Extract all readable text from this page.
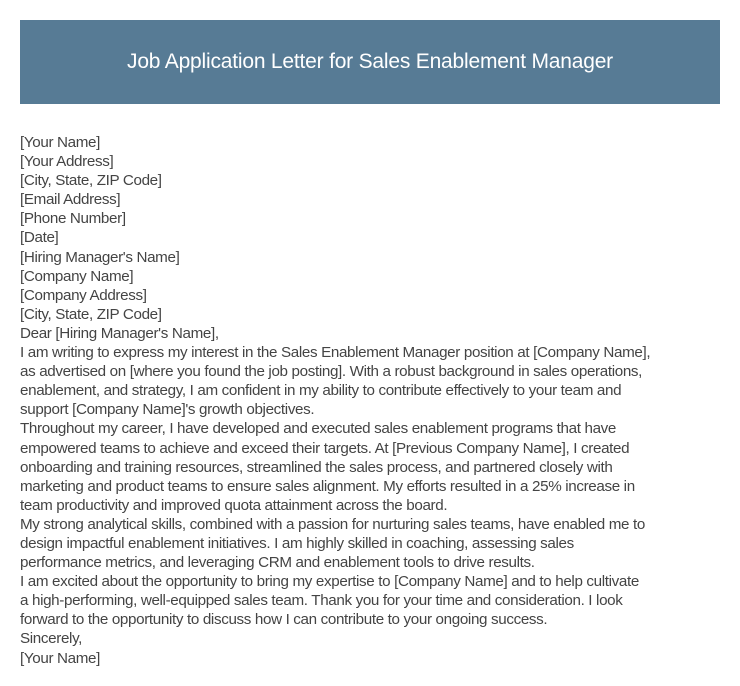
Job Application Letter for Sales Enablement Manager
[Your Name]
[Your Address]
[City, State, ZIP Code]
[Email Address]
[Phone Number]
[Date]
[Hiring Manager's Name]
[Company Name]
[Company Address]
[City, State, ZIP Code]
Dear [Hiring Manager's Name],

I am writing to express my interest in the Sales Enablement Manager position at [Company Name],
as advertised on [where you found the job posting]. With a robust background in sales operations,
enablement, and strategy, I am confident in my ability to contribute effectively to your team and
support [Company Name]'s growth objectives.

Throughout my career, I have developed and executed sales enablement programs that have
empowered teams to achieve and exceed their targets. At [Previous Company Name], I created
onboarding and training resources, streamlined the sales process, and partnered closely with
marketing and product teams to ensure sales alignment. My efforts resulted in a 25% increase in
team productivity and improved quota attainment across the board.

My strong analytical skills, combined with a passion for nurturing sales teams, have enabled me to
design impactful enablement initiatives. I am highly skilled in coaching, assessing sales
performance metrics, and leveraging CRM and enablement tools to drive results.

I am excited about the opportunity to bring my expertise to [Company Name] and to help cultivate
a high-performing, well-equipped sales team. Thank you for your time and consideration. I look
forward to the opportunity to discuss how I can contribute to your ongoing success.

Sincerely,
[Your Name]
